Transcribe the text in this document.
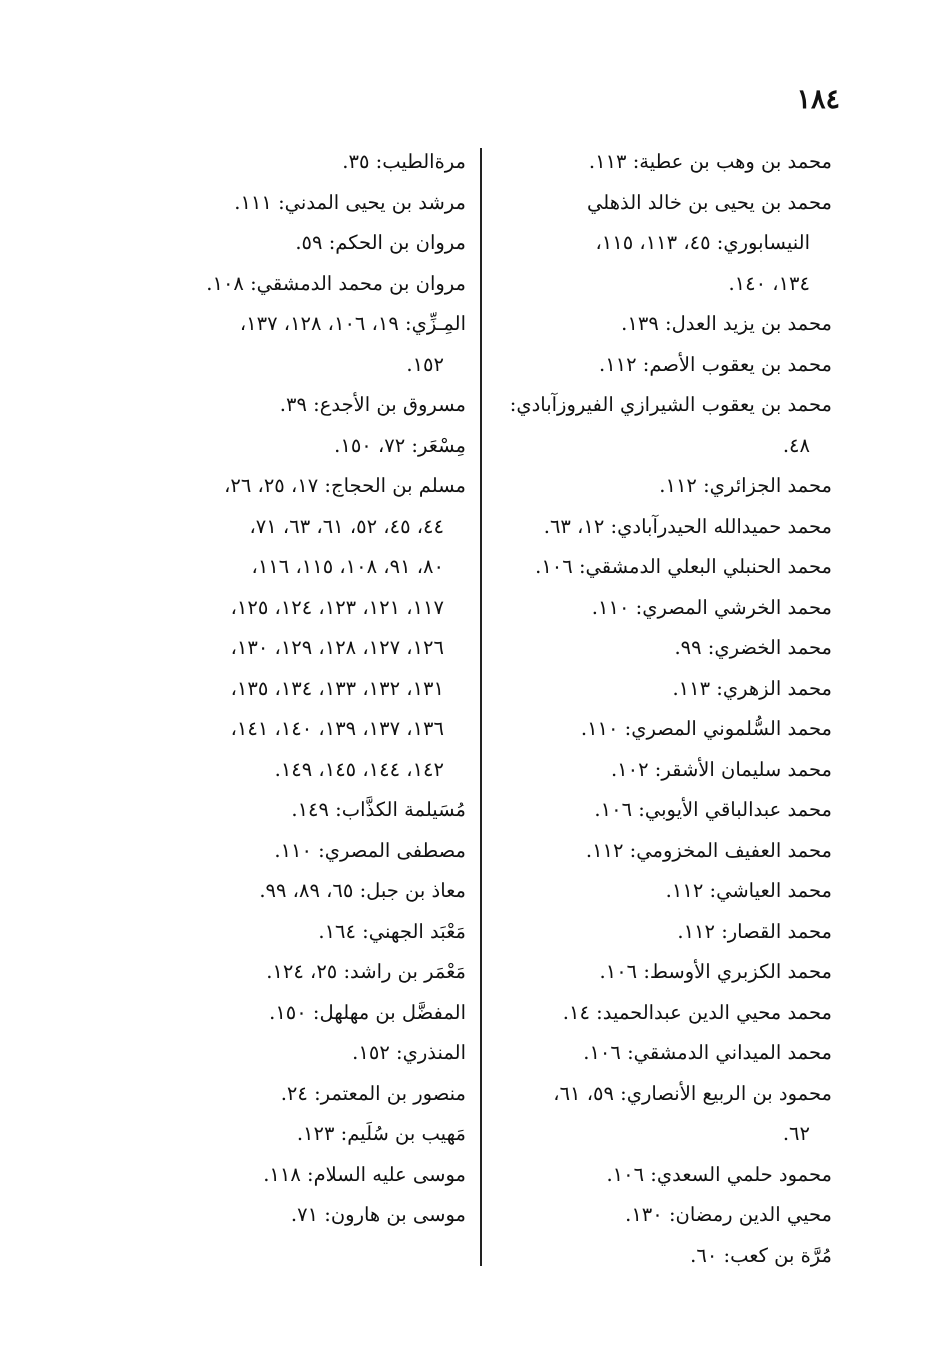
١٨٤
محمد بن وهب بن عطية: ١١٣.
محمد بن يحيى بن خالد الذهلي
النيسابوري: ٤٥، ١١٣، ١١٥،
١٣٤، ١٤٠.
محمد بن يزيد العدل: ١٣٩.
محمد بن يعقوب الأصم: ١١٢.
محمد بن يعقوب الشيرازي الفيروزآبادي:
٤٨.
محمد الجزائري: ١١٢.
محمد حميدالله الحيدرآبادي: ١٢، ٦٣.
محمد الحنبلي البعلي الدمشقي: ١٠٦.
محمد الخرشي المصري: ١١٠.
محمد الخضري: ٩٩.
محمد الزهري: ١١٣.
محمد السُّلموني المصري: ١١٠.
محمد سليمان الأشقر: ١٠٢.
محمد عبدالباقي الأيوبي: ١٠٦.
محمد العفيف المخزومي: ١١٢.
محمد العياشي: ١١٢.
محمد القصار: ١١٢.
محمد الكزبري الأوسط: ١٠٦.
محمد محيي الدين عبدالحميد: ١٤.
محمد الميداني الدمشقي: ١٠٦.
محمود بن الربيع الأنصاري: ٥٩، ٦١،
٦٢.
محمود حلمي السعدي: ١٠٦.
محيي الدين رمضان: ١٣٠.
مُرَّة بن كعب: ٦٠.
مرةالطيب: ٣٥.
مرشد بن يحيى المدني: ١١١.
مروان بن الحكم: ٥٩.
مروان بن محمد الدمشقي: ١٠٨.
المِـزِّي: ١٩، ١٠٦، ١٢٨، ١٣٧،
١٥٢.
مسروق بن الأجدع: ٣٩.
مِسْعَر: ٧٢، ١٥٠.
مسلم بن الحجاج: ١٧، ٢٥، ٢٦،
٤٤، ٤٥، ٥٢، ٦١، ٦٣، ٧١،
٨٠، ٩١، ١٠٨، ١١٥، ١١٦،
١١٧، ١٢١، ١٢٣، ١٢٤، ١٢٥،
١٢٦، ١٢٧، ١٢٨، ١٢٩، ١٣٠،
١٣١، ١٣٢، ١٣٣، ١٣٤، ١٣٥،
١٣٦، ١٣٧، ١٣٩، ١٤٠، ١٤١،
١٤٢، ١٤٤، ١٤٥، ١٤٩.
مُسَيلمة الكذَّاب: ١٤٩.
مصطفى المصري: ١١٠.
معاذ بن جبل: ٦٥، ٨٩، ٩٩.
مَعْبَد الجهني: ١٦٤.
مَعْمَر بن راشد: ٢٥، ١٢٤.
المفضَّل بن مهلهل: ١٥٠.
المنذري: ١٥٢.
منصور بن المعتمر: ٢٤.
مَهيب بن سُلَيم: ١٢٣.
موسى عليه السلام: ١١٨.
موسى بن هارون: ٧١.
